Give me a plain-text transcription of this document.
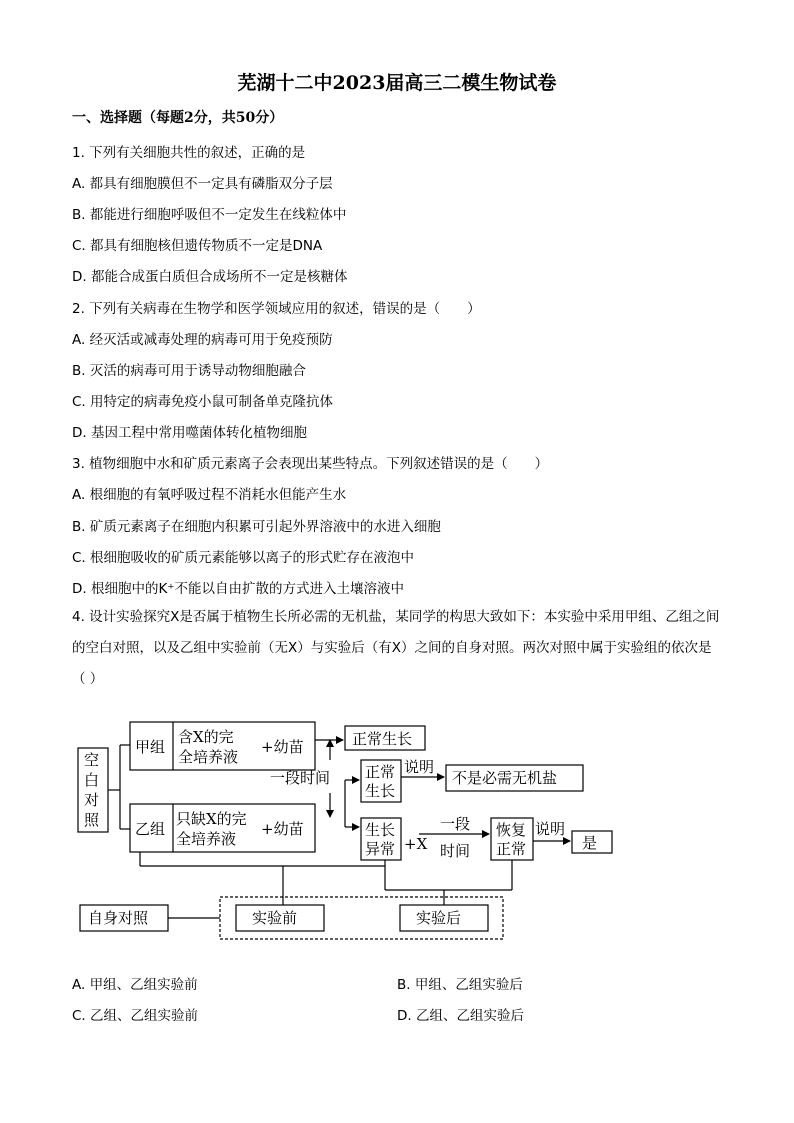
芜湖十二中2023届高三二模生物试卷
一、选择题（每题2分，共50分）
1. 下列有关细胞共性的叙述，正确的是
A. 都具有细胞膜但不一定具有磷脂双分子层
B. 都能进行细胞呼吸但不一定发生在线粒体中
C. 都具有细胞核但遗传物质不一定是DNA
D. 都能合成蛋白质但合成场所不一定是核糖体
2. 下列有关病毒在生物学和医学领域应用的叙述，错误的是（　　）
A. 经灭活或减毒处理的病毒可用于免疫预防
B. 灭活的病毒可用于诱导动物细胞融合
C. 用特定的病毒免疫小鼠可制备单克隆抗体
D. 基因工程中常用噬菌体转化植物细胞
3. 植物细胞中水和矿质元素离子会表现出某些特点。下列叙述错误的是（　　）
A. 根细胞的有氧呼吸过程不消耗水但能产生水
B. 矿质元素离子在细胞内积累可引起外界溶液中的水进入细胞
C. 根细胞吸收的矿质元素能够以离子的形式贮存在液泡中
D. 根细胞中的K⁺不能以自由扩散的方式进入土壤溶液中
4. 设计实验探究X是否属于植物生长所必需的无机盐，某同学的构思大致如下：本实验中采用甲组、乙组之间的空白对照，以及乙组中实验前（无X）与实验后（有X）之间的自身对照。两次对照中属于实验组的依次是（ ）
空
白
对
照
甲组
含X的完
全培养液
+幼苗
乙组
只缺X的完
全培养液
+幼苗
正常生长
一段时间 正常
生长
说明
不是必需无机盐
生长
异常 +X
一段
时间
恢复
正常
说明
是
自身对照	实验前	实验后
A. 甲组、乙组实验前	B. 甲组、乙组实验后
C. 乙组、乙组实验前	D. 乙组、乙组实验后
